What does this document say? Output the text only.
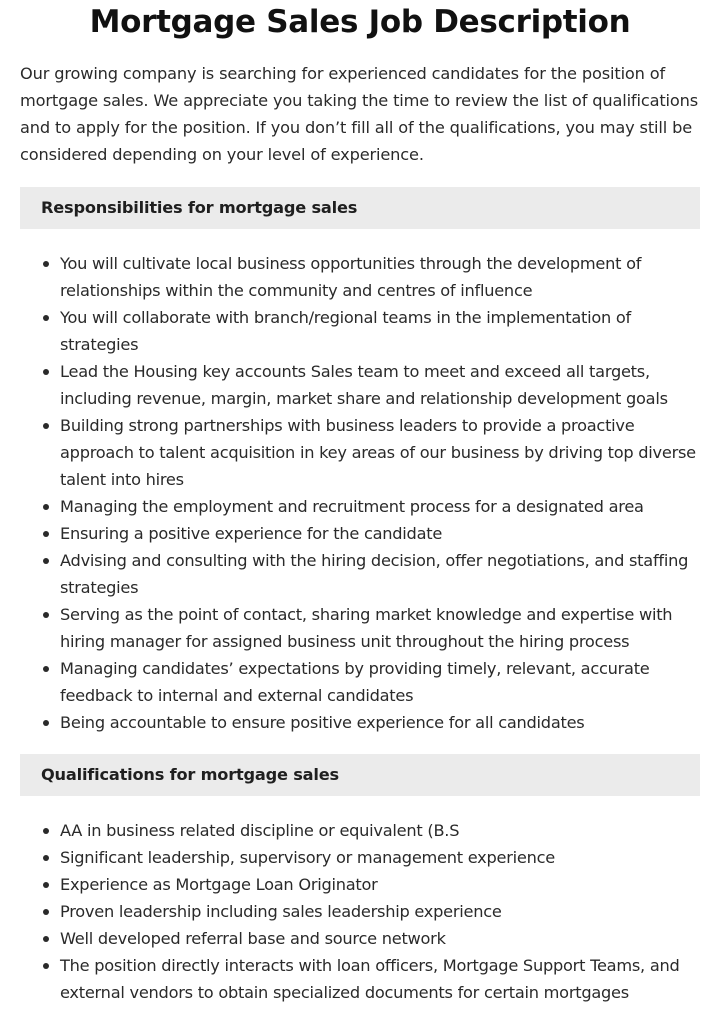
Mortgage Sales Job Description

Our growing company is searching for experienced candidates for the position of mortgage sales. We appreciate you taking the time to review the list of qualifications and to apply for the position. If you don’t fill all of the qualifications, you may still be considered depending on your level of experience.

Responsibilities for mortgage sales
You will cultivate local business opportunities through the development of relationships within the community and centres of influence
You will collaborate with branch/regional teams in the implementation of strategies
Lead the Housing key accounts Sales team to meet and exceed all targets, including revenue, margin, market share and relationship development goals
Building strong partnerships with business leaders to provide a proactive approach to talent acquisition in key areas of our business by driving top diverse talent into hires
Managing the employment and recruitment process for a designated area
Ensuring a positive experience for the candidate
Advising and consulting with the hiring decision, offer negotiations, and staffing strategies
Serving as the point of contact, sharing market knowledge and expertise with hiring manager for assigned business unit throughout the hiring process
Managing candidates’ expectations by providing timely, relevant, accurate feedback to internal and external candidates
Being accountable to ensure positive experience for all candidates
Qualifications for mortgage sales
AA in business related discipline or equivalent (B.S
Significant leadership, supervisory or management experience
Experience as Mortgage Loan Originator
Proven leadership including sales leadership experience
Well developed referral base and source network
The position directly interacts with loan officers, Mortgage Support Teams, and external vendors to obtain specialized documents for certain mortgages
